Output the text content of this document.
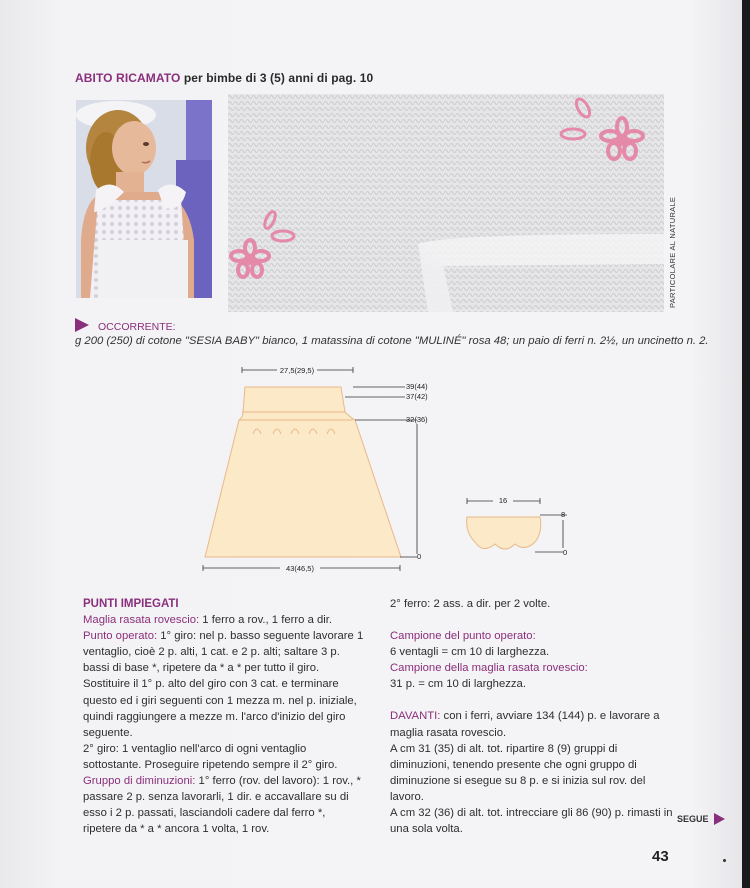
ABITO RICAMATO per bimbe di 3 (5) anni di pag. 10
PARTICOLARE AL NATURALE
OCCORRENTE:
g 200 (250) di cotone "SESIA BABY" bianco, 1 matassina di cotone "MULINÉ" rosa 48; un paio di ferri n. 2½, un uncinetto n. 2.
27,5(29,5)
43(46,5)
39(44)
37(42)
32(36)
0
16
8
0

PUNTI IMPIEGATI

Maglia rasata rovescio: 1 ferro a rov., 1 ferro a dir.

Punto operato: 1° giro: nel p. basso seguente lavorare 1 ventaglio, cioè 2 p. alti, 1 cat. e 2 p. alti; saltare 3 p. bassi di base *, ripetere da * a * per tutto il giro. Sostituire il 1° p. alto del giro con 3 cat. e terminare questo ed i giri seguenti con 1 mezza m. nel p. iniziale, quindi raggiungere a mezze m. l'arco d'inizio del giro seguente.

2° giro: 1 ventaglio nell'arco di ogni ventaglio sottostante. Proseguire ripetendo sempre il 2° giro.

Gruppo di diminuzioni: 1° ferro (rov. del lavoro): 1 rov., * passare 2 p. senza lavorarli, 1 dir. e accavallare su di esso i 2 p. passati, lasciandoli cadere dal ferro *, ripetere da * a * ancora 1 volta, 1 rov.

2° ferro: 2 ass. a dir. per 2 volte.

Campione del punto operato:

6 ventagli = cm 10 di larghezza.

Campione della maglia rasata rovescio:

31 p. = cm 10 di larghezza.

DAVANTI: con i ferri, avviare 134 (144) p. e lavorare a maglia rasata rovescio.

A cm 31 (35) di alt. tot. ripartire 8 (9) gruppi di diminuzioni, tenendo presente che ogni gruppo di diminuzione si esegue su 8 p. e si inizia sul rov. del lavoro.

A cm 32 (36) di alt. tot. intrecciare gli 86 (90) p. rimasti in una sola volta.

SEGUE
43
